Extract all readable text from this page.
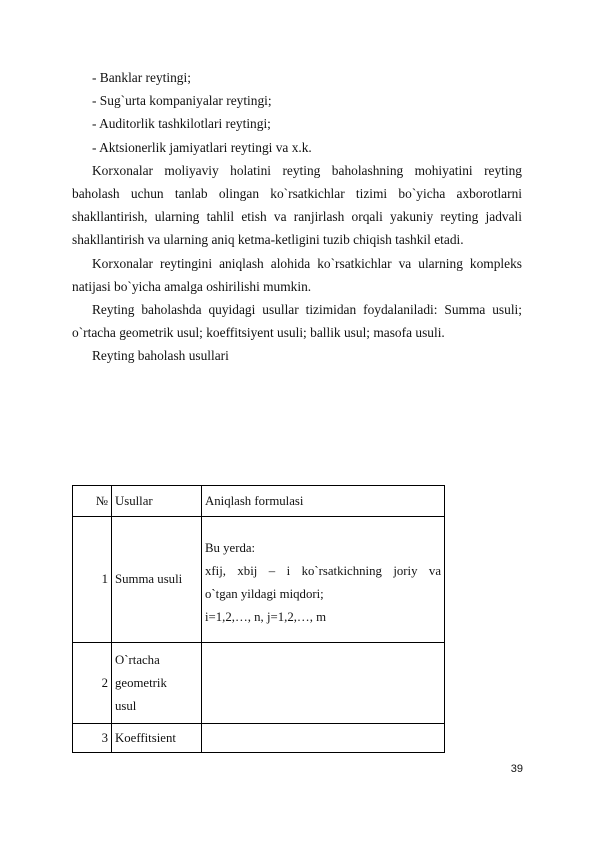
- Banklar reytingi;

- Sug`urta kompaniyalar reytingi;

- Auditorlik tashkilotlari reytingi;

- Aktsionerlik jamiyatlari reytingi va x.k.

Korxonalar moliyaviy holatini reyting baholashning mohiyatini reyting baholash uchun tanlab olingan ko`rsatkichlar tizimi bo`yicha axborotlarni shakllantirish, ularning tahlil etish va ranjirlash orqali yakuniy reyting jadvali shakllantirish va ularning aniq ketma-ketligini tuzib chiqish tashkil etadi.

Korxonalar reytingini aniqlash alohida ko`rsatkichlar va ularning kompleks natijasi bo`yicha amalga oshirilishi mumkin.

Reyting baholashda quyidagi usullar tizimidan foydalaniladi: Summa usuli; o`rtacha geometrik usul; koeffitsiyent usuli; ballik usul; masofa usuli.

Reyting baholash usullari

№	Usullar	Aniqlash formulasi
1	Summa usuli	Bu yerda:
xfij, xbij – i ko`rsatkichning joriy va
o`tgan yildagi miqdori;
i=1,2,…, n, j=1,2,…, m

2	O`rtacha
geometrik
usul	

3	Koeffitsient	
39
